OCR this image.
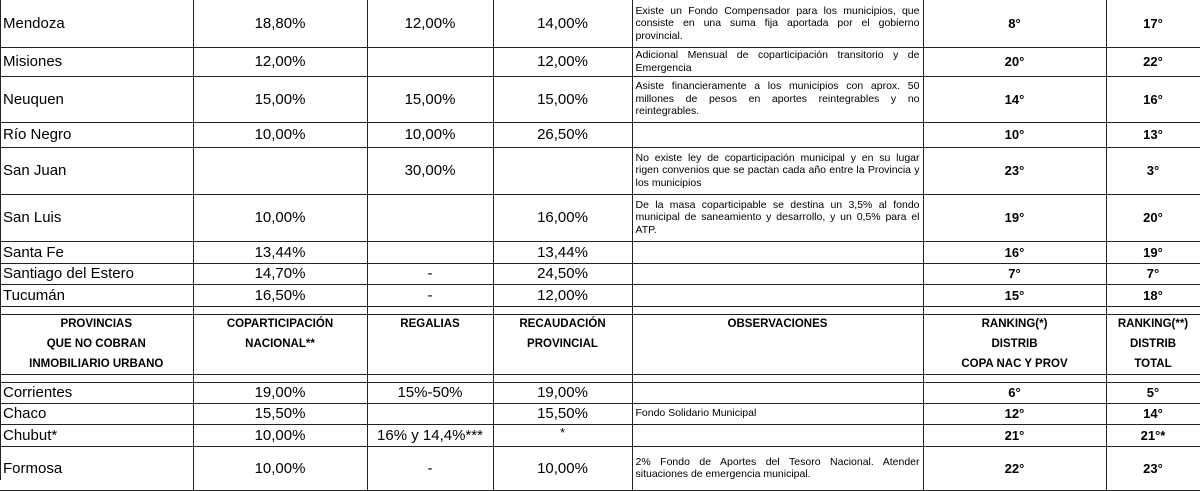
Mendoza	18,80%	12,00%	14,00%	Existe un Fondo Compensador para los municipios, que consiste en una suma fija aportada por el gobierno provincial.	8°	17°
Misiones	12,00%		12,00%	Adicional Mensual de coparticipación transitorio y de Emergencia	20°	22°
Neuquen	15,00%	15,00%	15,00%	Asiste financieramente a los municipios con aprox. 50 millones de pesos en aportes reintegrables y no reintegrables.	14°	16°
Río Negro	10,00%	10,00%	26,50%		10°	13°
San Juan		30,00%		No existe ley de coparticipación municipal y en su lugar rigen convenios que se pactan cada año entre la Provincia y los municipios	23°	3°
San Luis	10,00%		16,00%	De la masa coparticipable se destina un 3,5% al fondo municipal de saneamiento y desarrollo, y un 0,5% para el ATP.	19°	20°
Santa Fe	13,44%		13,44%		16°	19°
Santiago del Estero	14,70%	-	24,50%		7°	7°
Tucumán	16,50%	-	12,00%		15°	18°

PROVINCIAS	COPARTICIPACIÓN	REGALIAS	RECAUDACIÓN	OBSERVACIONES	RANKING(*)	RANKING(**)
QUE NO COBRAN	NACIONAL**		PROVINCIAL		DISTRIB	DISTRIB
INMOBILIARIO URBANO					COPA NAC Y PROV	TOTAL

Corrientes	19,00%	15%-50%	19,00%		6°	5°
Chaco	15,50%		15,50%	Fondo Solidario Municipal	12°	14°
Chubut*	10,00%	16% y 14,4%***	*		21°	21°*
Formosa	10,00%	-	10,00%	2% Fondo de Aportes del Tesoro Nacional. Atender situaciones de emergencia municipal.	22°	23°
